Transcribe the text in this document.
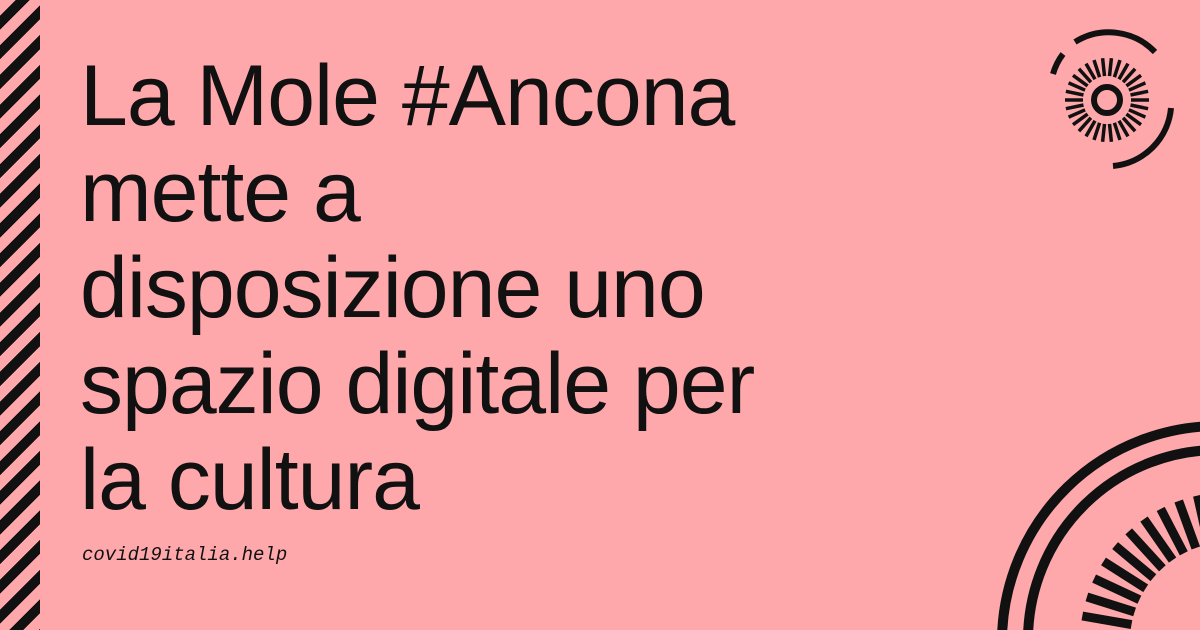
La Mole #Ancona
mette a
disposizione uno
spazio digitale per
la cultura
covid19italia.help
